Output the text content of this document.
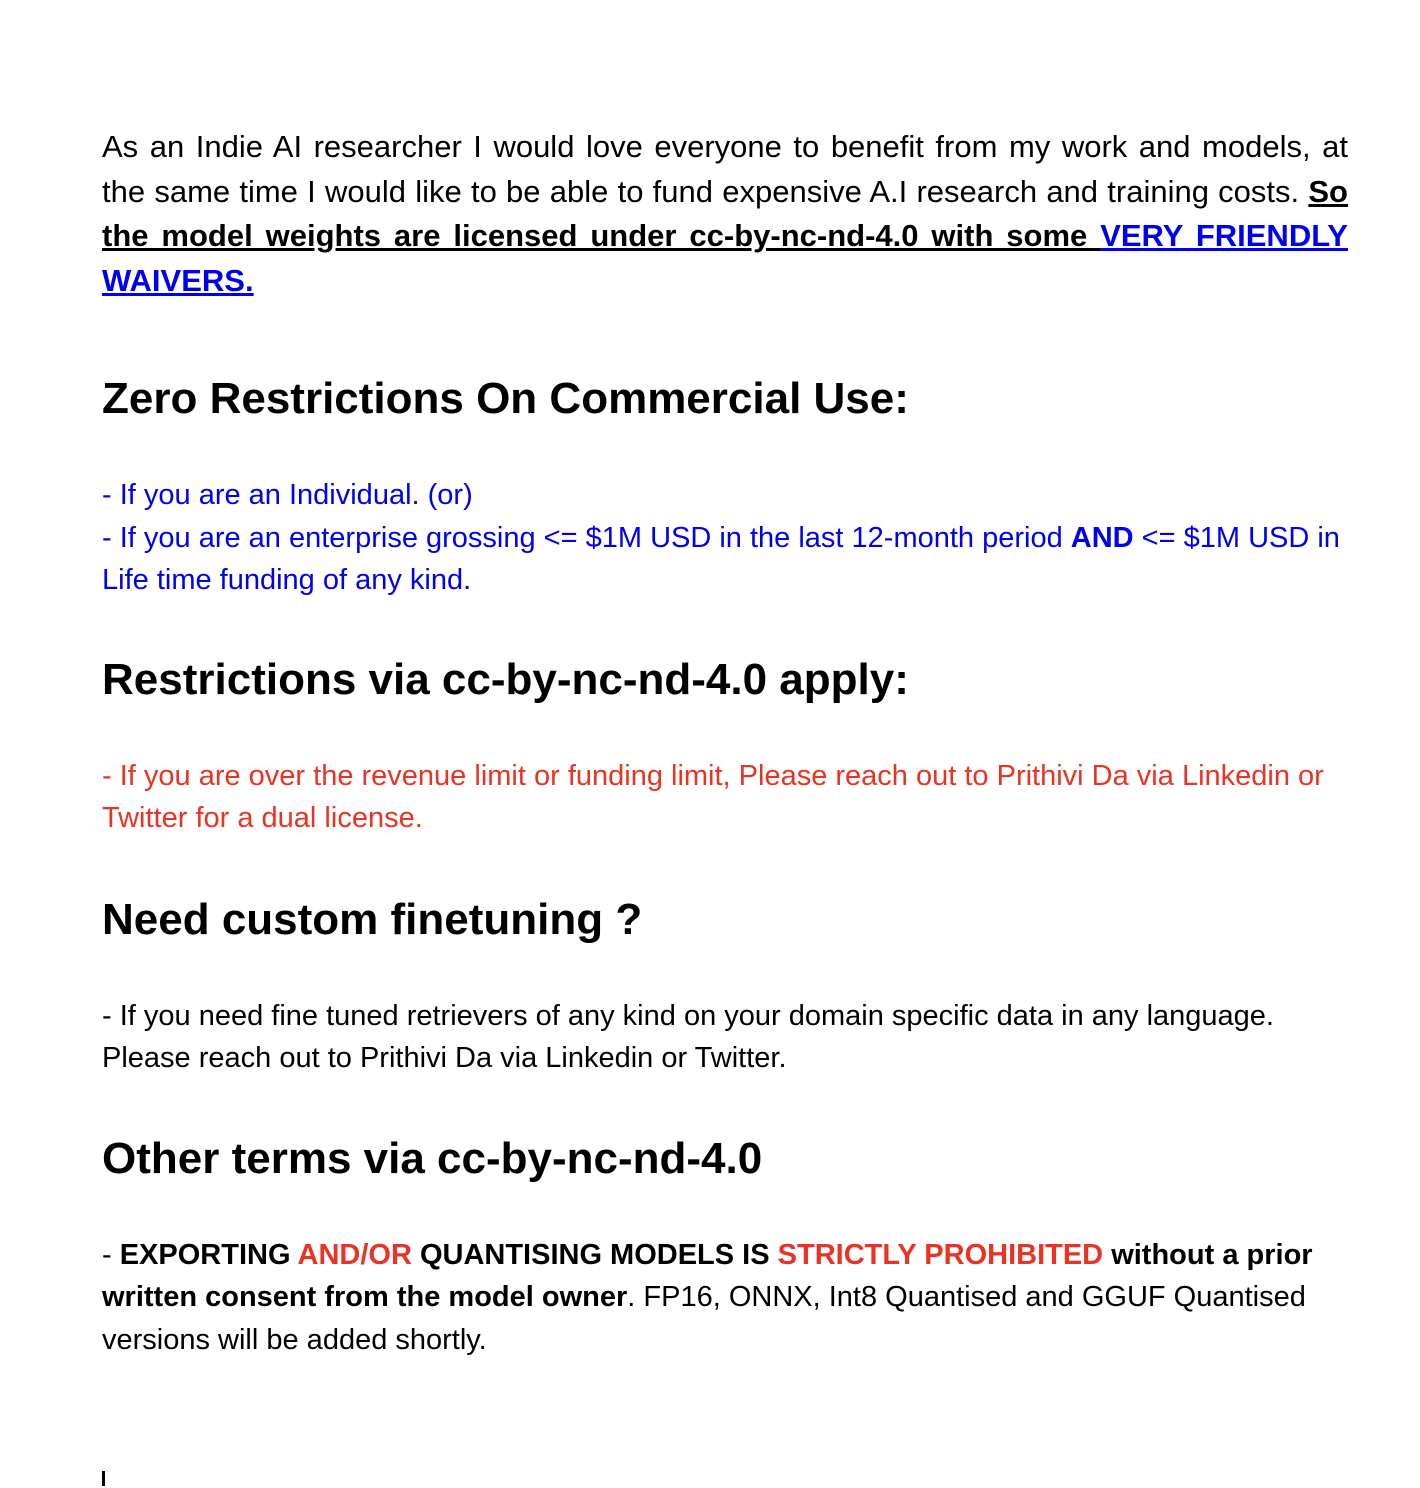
As an Indie AI researcher I would love everyone to benefit from my work and models, at the same time I would like to be able to fund expensive A.I research and training costs. So the model weights are licensed under cc-by-nc-nd-4.0 with some VERY FRIENDLY WAIVERS.

Zero Restrictions On Commercial Use:
- If you are an Individual. (or)
- If you are an enterprise grossing <= $1M USD in the last 12-month period AND <= $1M USD in Life time funding of any kind.
Restrictions via cc-by-nc-nd-4.0 apply:

- If you are over the revenue limit or funding limit, Please reach out to Prithivi Da via Linkedin or Twitter for a dual license.

Need custom finetuning ?

- If you need fine tuned retrievers of any kind on your domain specific data in any language. Please reach out to Prithivi Da via Linkedin or Twitter.

Other terms via cc-by-nc-nd-4.0

- EXPORTING AND/OR QUANTISING MODELS IS STRICTLY PROHIBITED without a prior written consent from the model owner. FP16, ONNX, Int8 Quantised and GGUF Quantised versions will be added shortly.
